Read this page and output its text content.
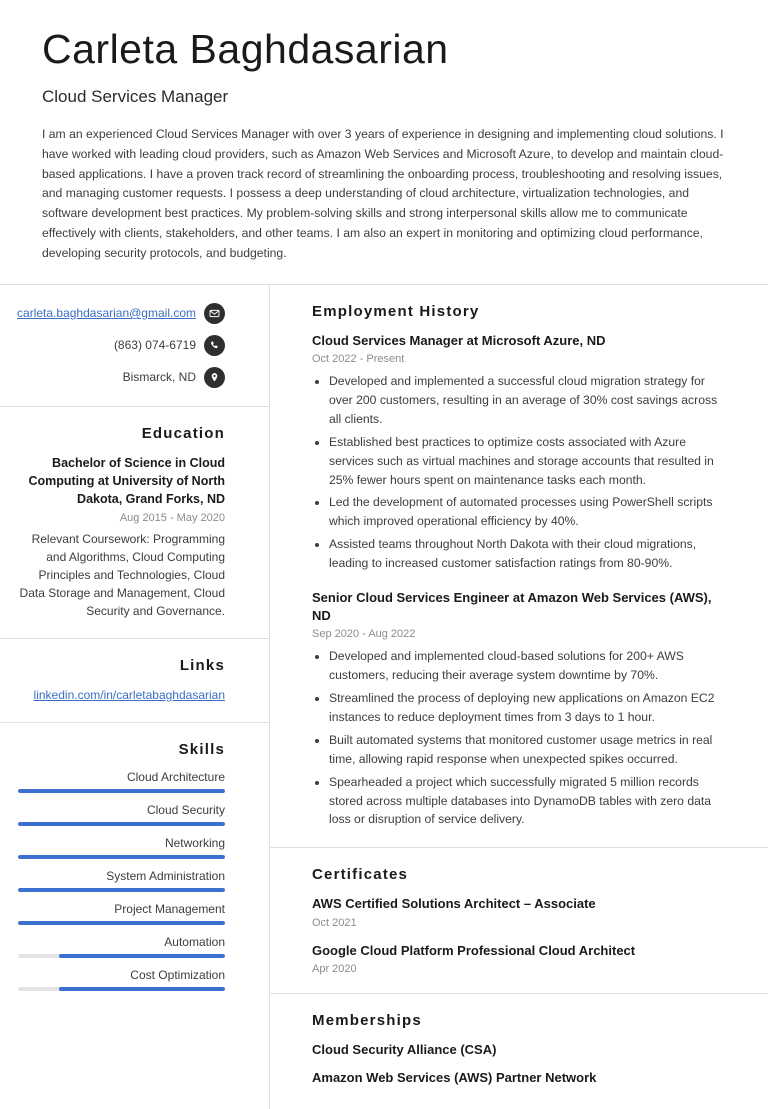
Carleta Baghdasarian
Cloud Services Manager

I am an experienced Cloud Services Manager with over 3 years of experience in designing and implementing cloud solutions. I have worked with leading cloud providers, such as Amazon Web Services and Microsoft Azure, to develop and maintain cloud-based applications. I have a proven track record of streamlining the onboarding process, troubleshooting and resolving issues, and managing customer requests. I possess a deep understanding of cloud architecture, virtualization technologies, and software development best practices. My problem-solving skills and strong interpersonal skills allow me to communicate effectively with clients, stakeholders, and other teams. I am also an expert in monitoring and optimizing cloud performance, developing security protocols, and budgeting.

carleta.baghdasarian@gmail.com
(863) 074-6719
Bismarck, ND
Education
Bachelor of Science in Cloud Computing at University of North Dakota, Grand Forks, ND
Aug 2015 - May 2020
Relevant Coursework: Programming and Algorithms, Cloud Computing Principles and Technologies, Cloud Data Storage and Management, Cloud Security and Governance.
Links
linkedin.com/in/carletabaghdasarian
Skills
Cloud Architecture
Cloud Security
Networking
System Administration
Project Management
Automation
Cost Optimization
Employment History
Cloud Services Manager at Microsoft Azure, ND
Oct 2022 - Present
• Developed and implemented a successful cloud migration strategy for over 200 customers, resulting in an average of 30% cost savings across all clients.
• Established best practices to optimize costs associated with Azure services such as virtual machines and storage accounts that resulted in 25% fewer hours spent on maintenance tasks each month.
• Led the development of automated processes using PowerShell scripts which improved operational efficiency by 40%.
• Assisted teams throughout North Dakota with their cloud migrations, leading to increased customer satisfaction ratings from 80-90%.
Senior Cloud Services Engineer at Amazon Web Services (AWS), ND
Sep 2020 - Aug 2022
• Developed and implemented cloud-based solutions for 200+ AWS customers, reducing their average system downtime by 70%.
• Streamlined the process of deploying new applications on Amazon EC2 instances to reduce deployment times from 3 days to 1 hour.
• Built automated systems that monitored customer usage metrics in real time, allowing rapid response when unexpected spikes occurred.
• Spearheaded a project which successfully migrated 5 million records stored across multiple databases into DynamoDB tables with zero data loss or disruption of service delivery.
Certificates
AWS Certified Solutions Architect – Associate
Oct 2021
Google Cloud Platform Professional Cloud Architect
Apr 2020
Memberships
Cloud Security Alliance (CSA)
Amazon Web Services (AWS) Partner Network
